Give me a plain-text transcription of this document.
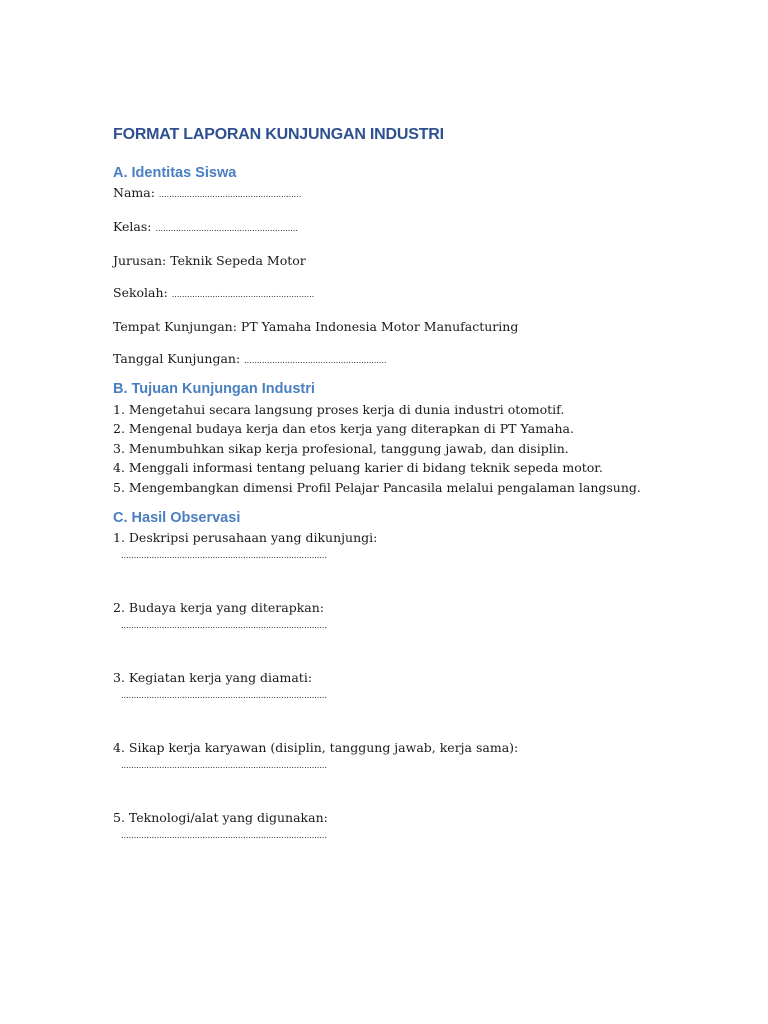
FORMAT LAPORAN KUNJUNGAN INDUSTRI
A. Identitas Siswa

Nama: ........................................................

Kelas: ........................................................

Jurusan: Teknik Sepeda Motor

Sekolah: ........................................................

Tempat Kunjungan: PT Yamaha Indonesia Motor Manufacturing

Tanggal Kunjungan: ........................................................

B. Tujuan Kunjungan Industri

1. Mengetahui secara langsung proses kerja di dunia industri otomotif.

2. Mengenal budaya kerja dan etos kerja yang diterapkan di PT Yamaha.

3. Menumbuhkan sikap kerja profesional, tanggung jawab, dan disiplin.

4. Menggali informasi tentang peluang karier di bidang teknik sepeda motor.

5. Mengembangkan dimensi Profil Pelajar Pancasila melalui pengalaman langsung.

C. Hasil Observasi

1. Deskripsi perusahaan yang dikunjungi:

.................................................................................

2. Budaya kerja yang diterapkan:

.................................................................................

3. Kegiatan kerja yang diamati:

.................................................................................

4. Sikap kerja karyawan (disiplin, tanggung jawab, kerja sama):

.................................................................................

5. Teknologi/alat yang digunakan:

.................................................................................
